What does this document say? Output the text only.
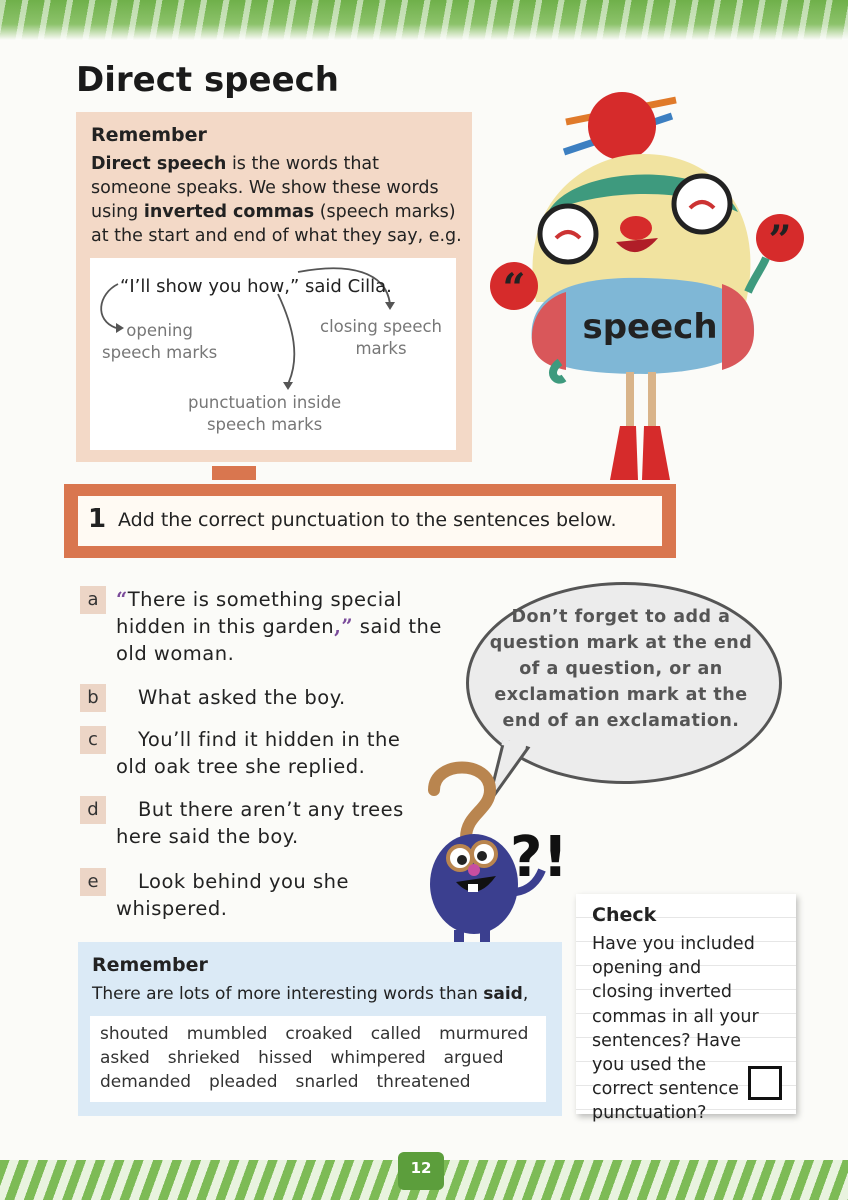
Direct speech
Remember
Direct speech is the words that someone speaks. We show these words using inverted commas (speech marks) at the start and end of what they say, e.g.
“I’ll show you how,” said Cilla.
opening
speech marks
closing speech
marks
punctuation inside
speech marks
“
”
speech
1 Add the correct punctuation to the sentences below.
a “There is something special
hidden in this garden,” said the
old woman.
b	What asked the boy.
c	You’ll find it hidden in the
old oak tree she replied.
d	But there aren’t any trees
here said the boy.
e	Look behind you she
whispered.
Don’t forget to add a question mark at the end of a question, or an exclamation mark at the end of an exclamation.
?!
Remember
There are lots of more interesting words than said,
shouted mumbled croaked called murmured
asked shrieked hissed whimpered argued
demanded pleaded snarled threatened
Check
Have you included opening and closing inverted commas in all your sentences? Have you used the correct sentence punctuation?
12
